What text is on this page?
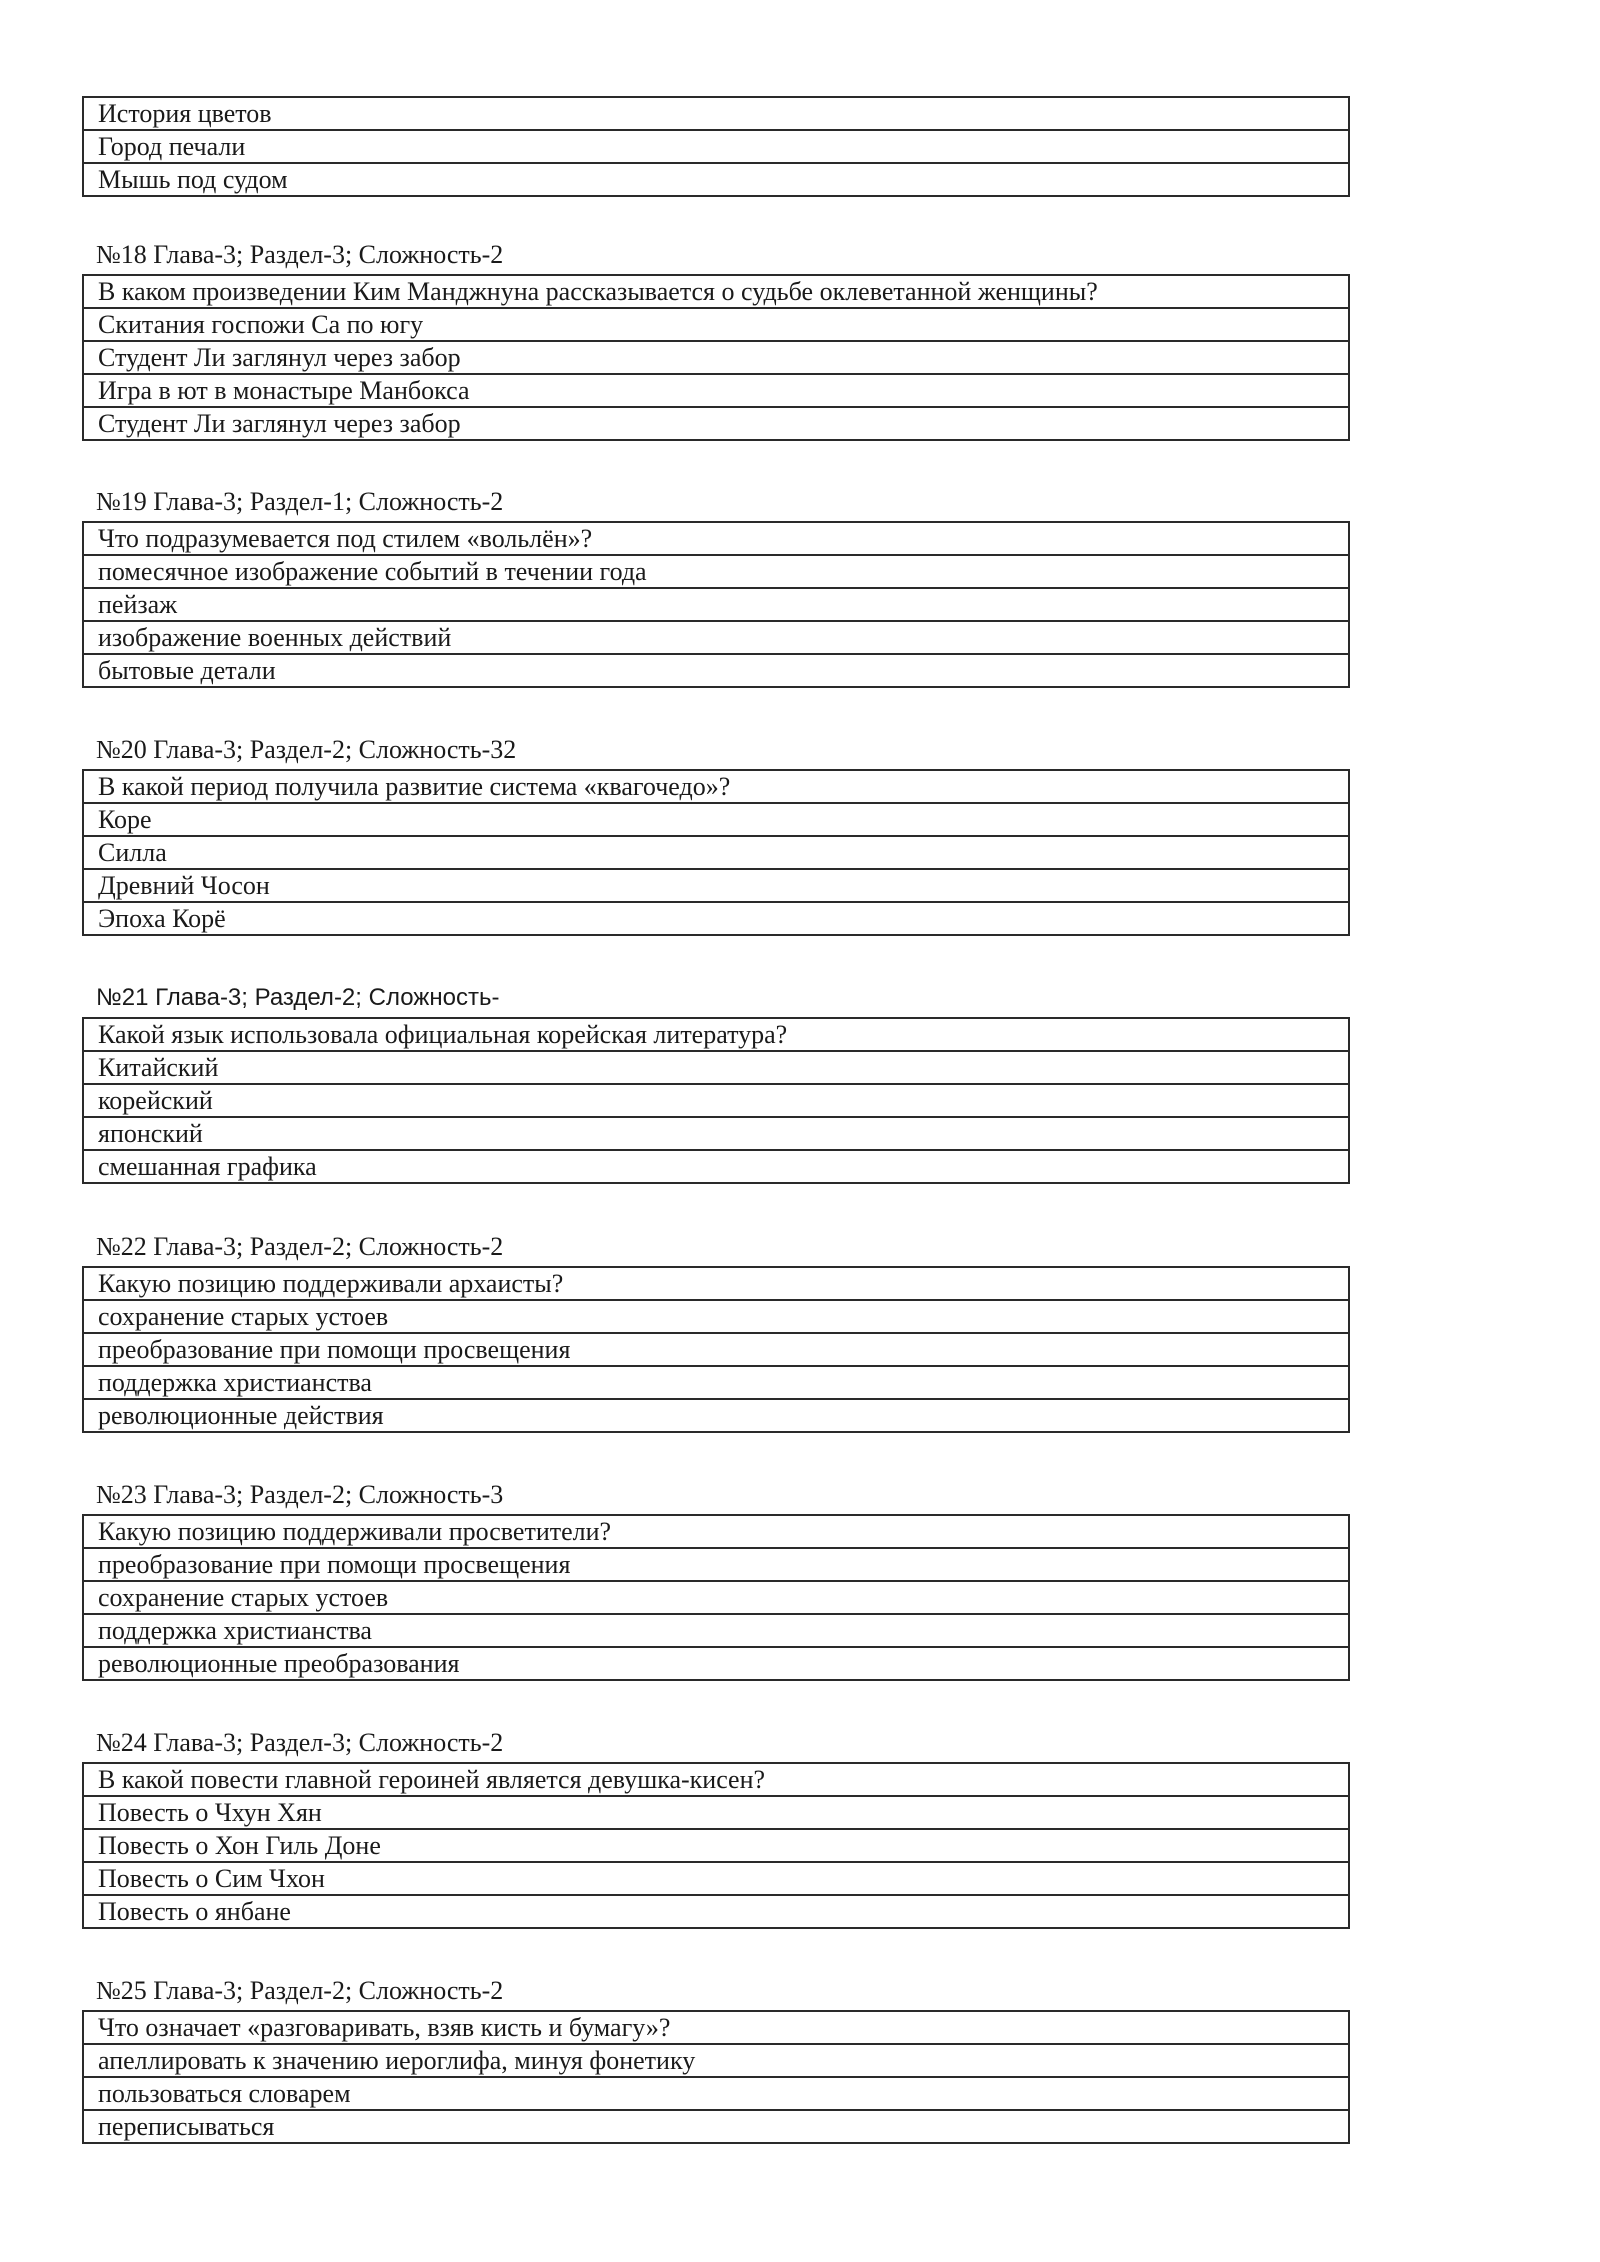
История цветов
Город печали
Мышь под судом
№18 Глава-3; Раздел-3; Сложность-2
В каком произведении Ким Манджнуна рассказывается о судьбе оклеветанной женщины?
Скитания госпожи Са по югу
Студент Ли заглянул через забор
Игра в ют в монастыре Манбокса
Студент Ли заглянул через забор
№19 Глава-3; Раздел-1; Сложность-2
Что подразумевается под стилем «вольлён»?
помесячное изображение событий в течении года
пейзаж
изображение военных действий
бытовые детали
№20 Глава-3; Раздел-2; Сложность-32
В какой период получила развитие система «квагочедо»?
Коре
Силла
Древний Чосон
Эпоха Корё
№21 Глава-3; Раздел-2; Сложность-
Какой язык использовала официальная корейская литература?
Китайский
корейский
японский
смешанная графика
№22 Глава-3; Раздел-2; Сложность-2
Какую позицию поддерживали архаисты?
сохранение старых устоев
преобразование при помощи просвещения
поддержка христианства
революционные действия
№23 Глава-3; Раздел-2; Сложность-3
Какую позицию поддерживали просветители?
преобразование при помощи просвещения
сохранение старых устоев
поддержка христианства
революционные преобразования
№24 Глава-3; Раздел-3; Сложность-2
В какой повести главной героиней является девушка-кисен?
Повесть о Чхун Хян
Повесть о Хон Гиль Доне
Повесть о Сим Чхон
Повесть о янбане
№25 Глава-3; Раздел-2; Сложность-2
Что означает «разговаривать, взяв кисть и бумагу»?
апеллировать к значению иероглифа, минуя фонетику
пользоваться словарем
переписываться
